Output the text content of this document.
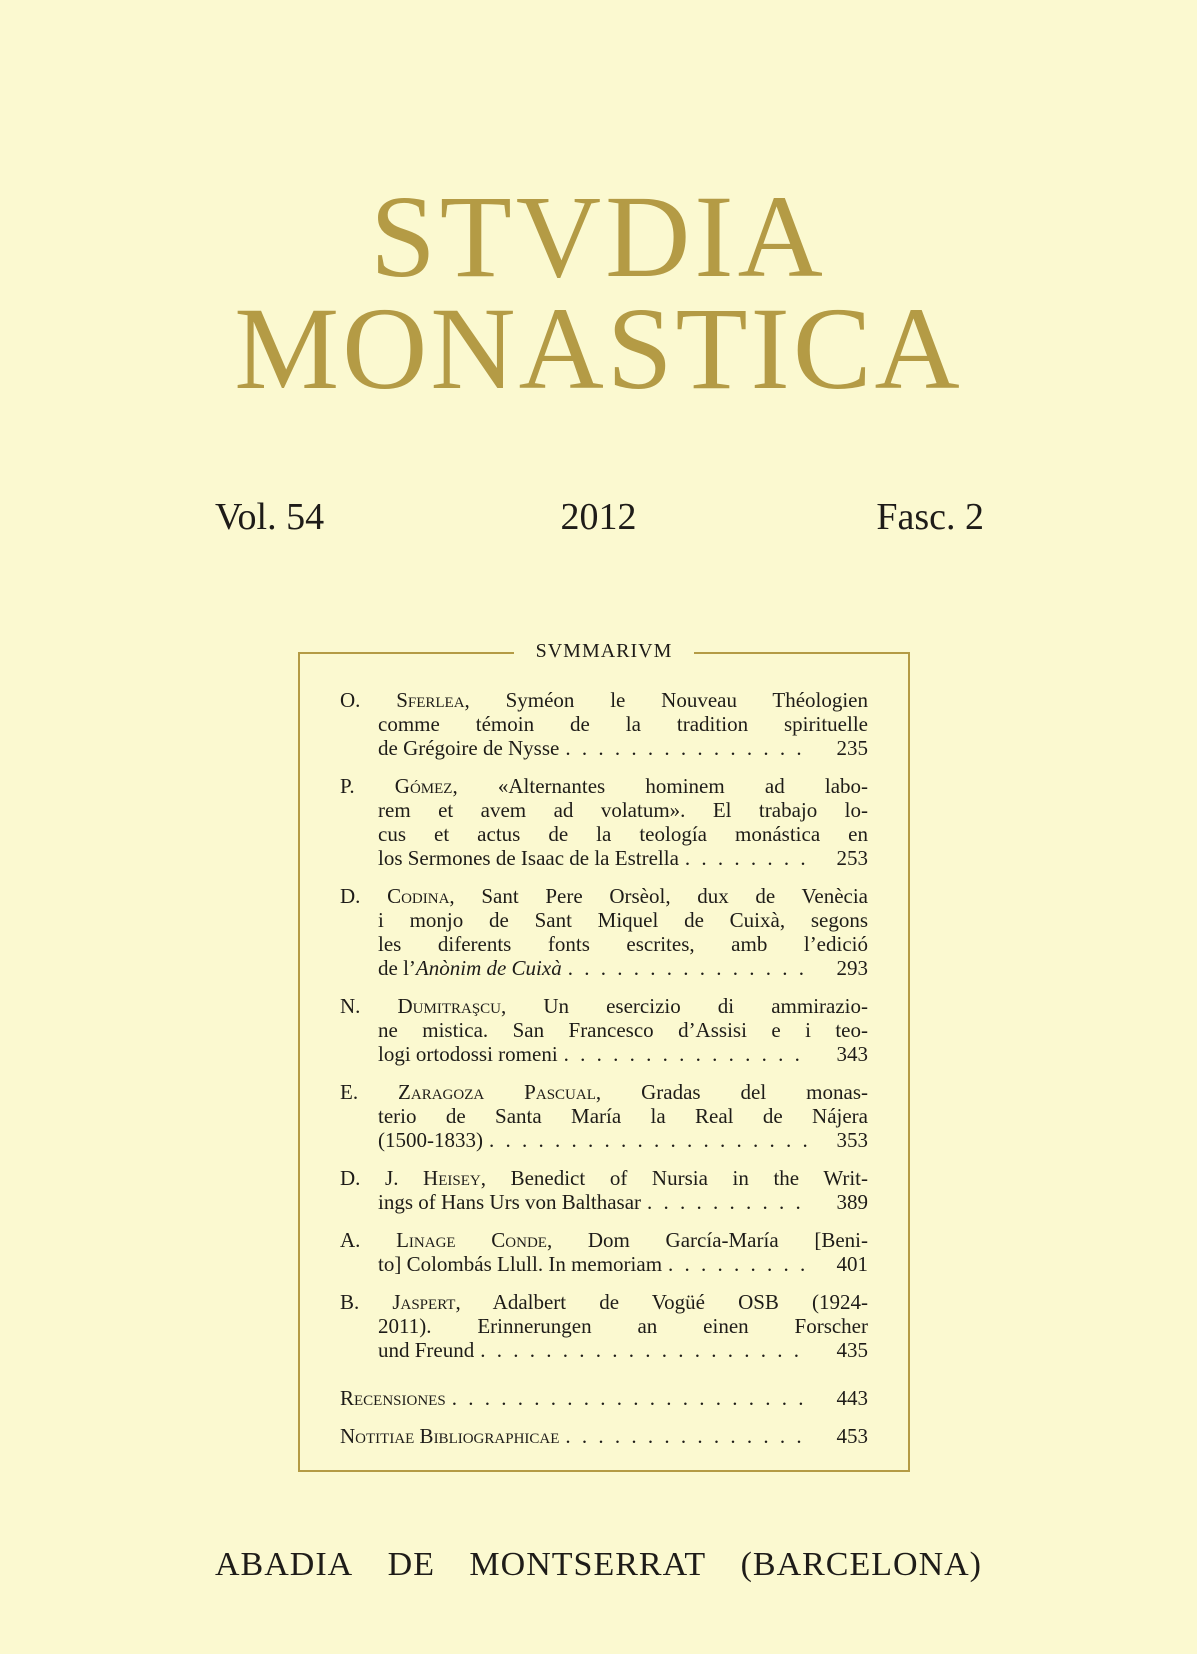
STVDIA
MONASTICA
Vol. 54	2012	Fasc. 2
SVMMARIVM
O. Sferlea, Syméon le Nouveau Théologien
comme témoin de la tradition spirituelle
de Grégoire de Nysse . . .	235
P. Gómez, «Alternantes hominem ad labo-
rem et avem ad volatum». El trabajo lo-
cus et actus de la teología monástica en
los Sermones de Isaac de la Estrella . . .	253
D. Codina, Sant Pere Orsèol, dux de Venècia
i monjo de Sant Miquel de Cuixà, segons
les diferents fonts escrites, amb l’edició
de l’ Anònim de Cuixà . . .	293
N. Dumitraşcu, Un esercizio di ammirazio-
ne mistica. San Francesco d’Assisi e i teo-
logi ortodossi romeni . . .	343
E. Zaragoza Pascual, Gradas del monas-
terio de Santa María la Real de Nájera
(1500-1833) . . .	353
D. J. Heisey, Benedict of Nursia in the Writ-
ings of Hans Urs von Balthasar . . .	389
A. Linage Conde, Dom García-María [Beni-
to] Colombás Llull. In memoriam . . .	401
B. Jaspert, Adalbert de Vogüé OSB (1924-
2011). Erinnerungen an einen Forscher
und Freund . . .	435
Recensiones . . .	443
Notitiae Bibliographicae . . .	453
ABADIA DE MONTSERRAT (BARCELONA)
